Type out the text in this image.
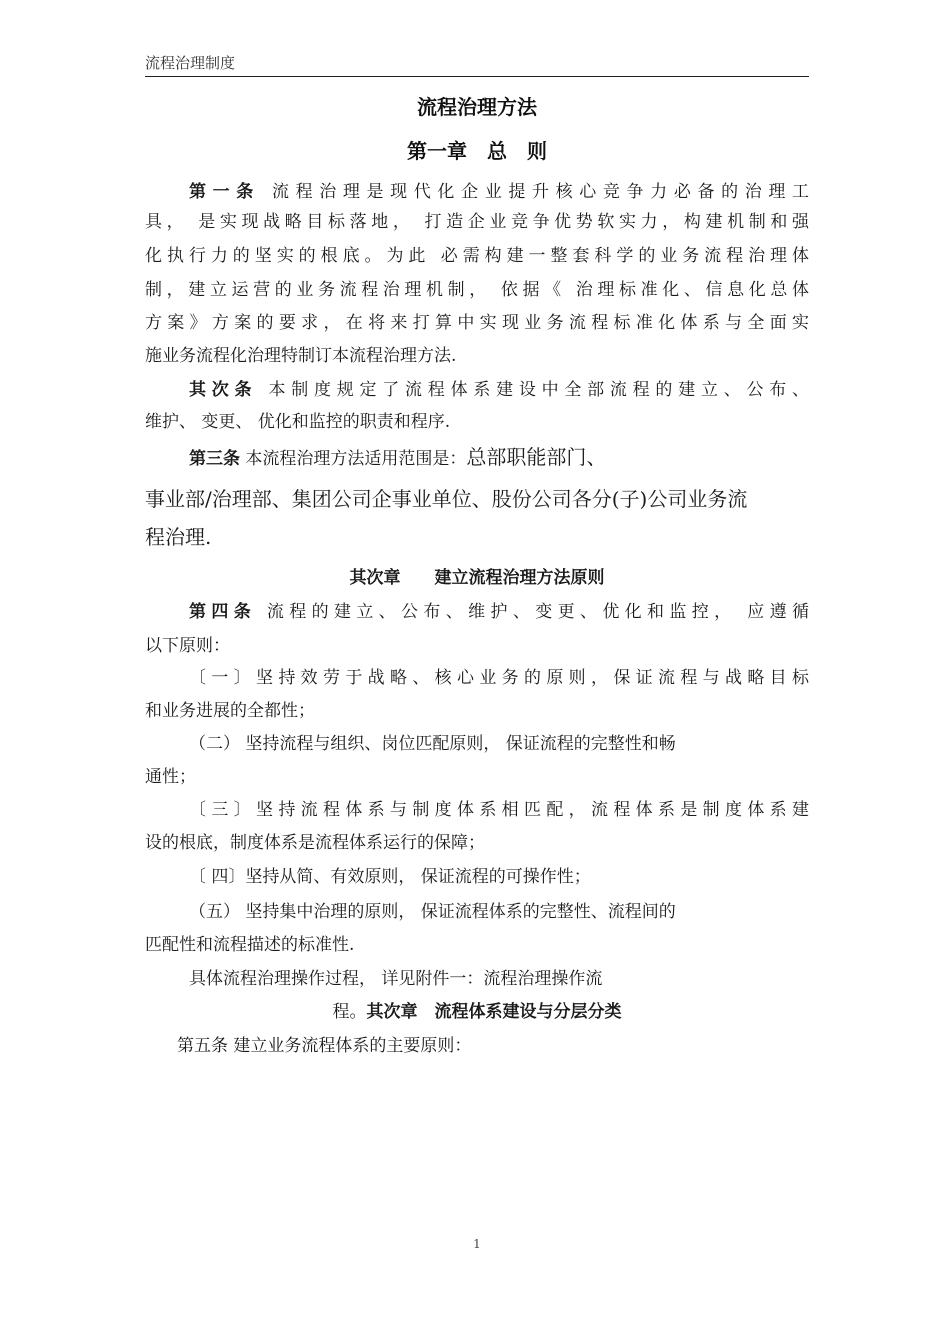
流程治理制度
流程治理方法
第一章　总　则
第一条 流程治理是现代化企业提升核心竞争力必备的治理工
具， 是实现战略目标落地， 打造企业竞争优势软实力，构建机制和强
化执行力的坚实的根底。为此 必需构建一整套科学的业务流程治理体
制，建立运营的业务流程治理机制， 依据《 治理标准化、信息化总体
方案》方案的要求，在将来打算中实现业务流程标准化体系与全面实
施业务流程化治理特制订本流程治理方法.
其次条 本制度规定了流程体系建设中全部流程的建立、公布、
维护、 变更、 优化和监控的职责和程序.
第三条 本流程治理方法适用范围是：总部职能部门、
事业部/治理部、集团公司企事业单位、股份公司各分(子)公司业务流
程治理.
其次章　　建立流程治理方法原则
第四条 流程的建立、公布、维护、变更、优化和监控， 应遵循
以下原则：
〔一〕坚持效劳于战略、核心业务的原则，保证流程与战略目标
和业务进展的全都性；
（二） 坚持流程与组织、岗位匹配原则， 保证流程的完整性和畅
通性；
〔三〕坚持流程体系与制度体系相匹配，流程体系是制度体系建
设的根底，制度体系是流程体系运行的保障；
〔 四〕坚持从简、有效原则， 保证流程的可操作性；
（五） 坚持集中治理的原则， 保证流程体系的完整性、流程间的
匹配性和流程描述的标准性.
具体流程治理操作过程， 详见附件一：流程治理操作流
程。其次章　流程体系建设与分层分类
第五条 建立业务流程体系的主要原则：
1
